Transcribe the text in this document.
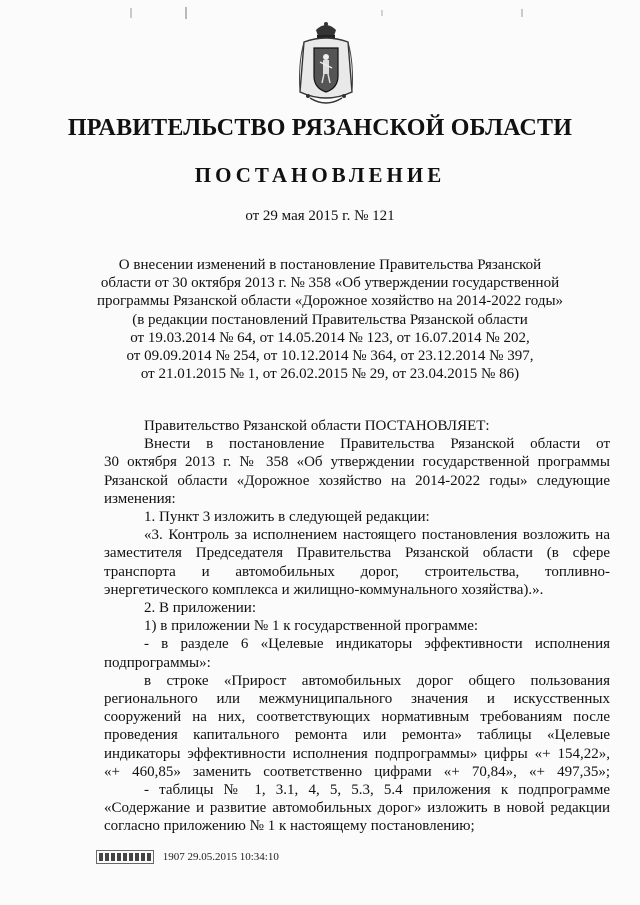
ПРАВИТЕЛЬСТВО РЯЗАНСКОЙ ОБЛАСТИ
ПОСТАНОВЛЕНИЕ
от 29 мая 2015 г. № 121
О внесении изменений в постановление Правительства Рязанской
области от 30 октября 2013 г. № 358 «Об утверждении государственной
программы Рязанской области «Дорожное хозяйство на 2014-2022 годы»
(в редакции постановлений Правительства Рязанской области
от 19.03.2014 № 64, от 14.05.2014 № 123, от 16.07.2014 № 202,
от 09.09.2014 № 254, от 10.12.2014 № 364, от 23.12.2014 № 397,
от 21.01.2015 № 1, от 26.02.2015 № 29, от 23.04.2015 № 86)
Правительство Рязанской области ПОСТАНОВЛЯЕТ:
Внести в постановление Правительства Рязанской области от
30 октября 2013 г. № 358 «Об утверждении государственной программы
Рязанской области «Дорожное хозяйство на 2014-2022 годы» следующие
изменения:
1. Пункт 3 изложить в следующей редакции:
«3. Контроль за исполнением настоящего постановления возложить на
заместителя Председателя Правительства Рязанской области (в сфере
транспорта и автомобильных дорог, строительства, топливно-
энергетического комплекса и жилищно-коммунального хозяйства).».
2. В приложении:
1) в приложении № 1 к государственной программе:
- в разделе 6 «Целевые индикаторы эффективности исполнения
подпрограммы»:
в строке «Прирост автомобильных дорог общего пользования
регионального или межмуниципального значения и искусственных
сооружений на них, соответствующих нормативным требованиям после
проведения капитального ремонта или ремонта» таблицы «Целевые
индикаторы эффективности исполнения подпрограммы» цифры «+ 154,22»,
«+ 460,85» заменить соответственно цифрами «+ 70,84», «+ 497,35»;
- таблицы № 1, 3.1, 4, 5, 5.3, 5.4 приложения к подпрограмме
«Содержание и развитие автомобильных дорог» изложить в новой редакции
согласно приложению № 1 к настоящему постановлению;
1907 29.05.2015 10:34:10
